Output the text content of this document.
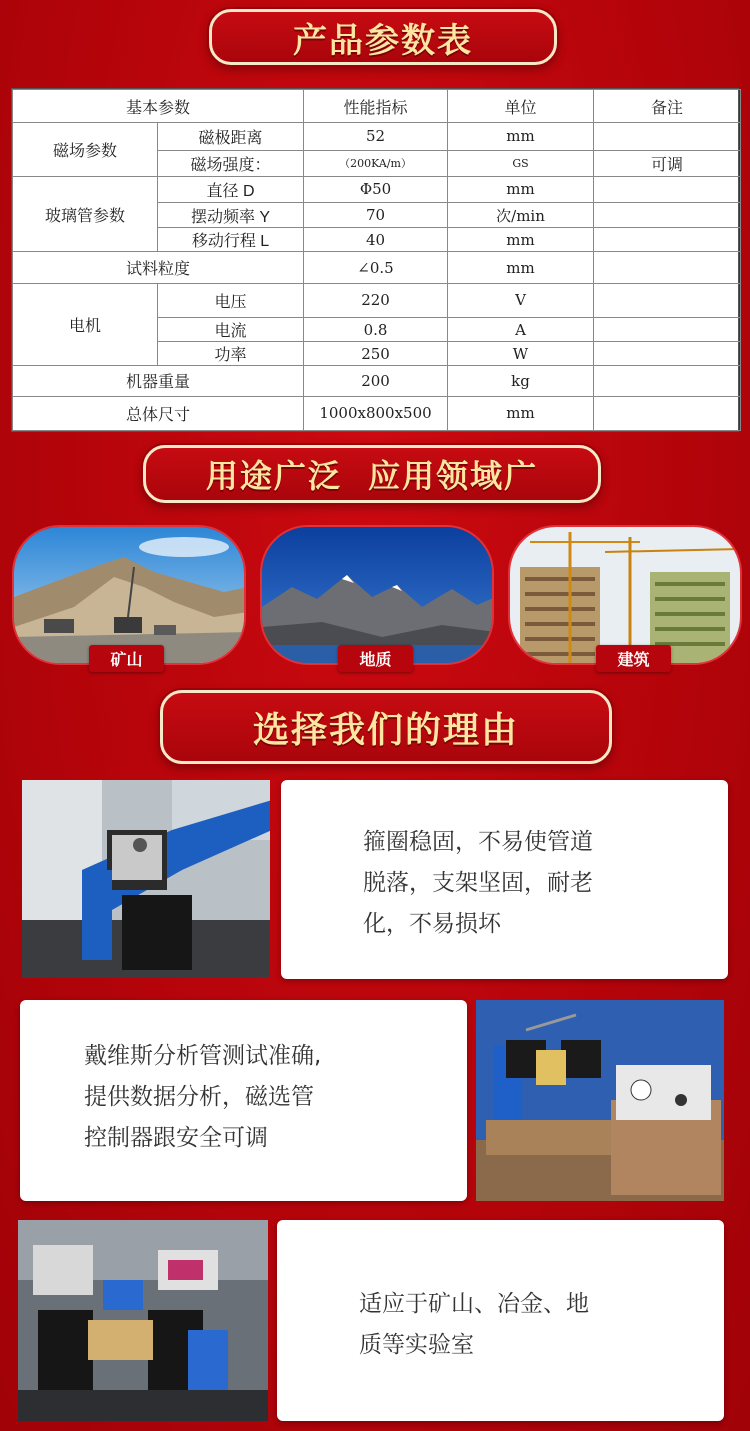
产品参数表
基本参数		性能指标	单位	备注
磁场参数	磁极距离	52	mm	
	磁场强度：	（200KA/m）	GS	可调
玻璃管参数	直径 D	Φ50	mm	
	摆动频率 Y	70	次/min	
	移动行程 L	40	mm	
试料粒度		∠0.5	mm	
电机	电压	220	V	
	电流	0.8	A	
	功率	250	W	
机器重量		200	kg	
总体尺寸		1000x800x500	mm	
用途广泛  应用领域广
矿山	地质	建筑
选择我们的理由

箍圈稳固，不易使管道
脱落，支架坚固，耐老
化，不易损坏

戴维斯分析管测试准确,
提供数据分析，磁选管
控制器跟安全可调

适应于矿山、冶金、地
质等实验室
